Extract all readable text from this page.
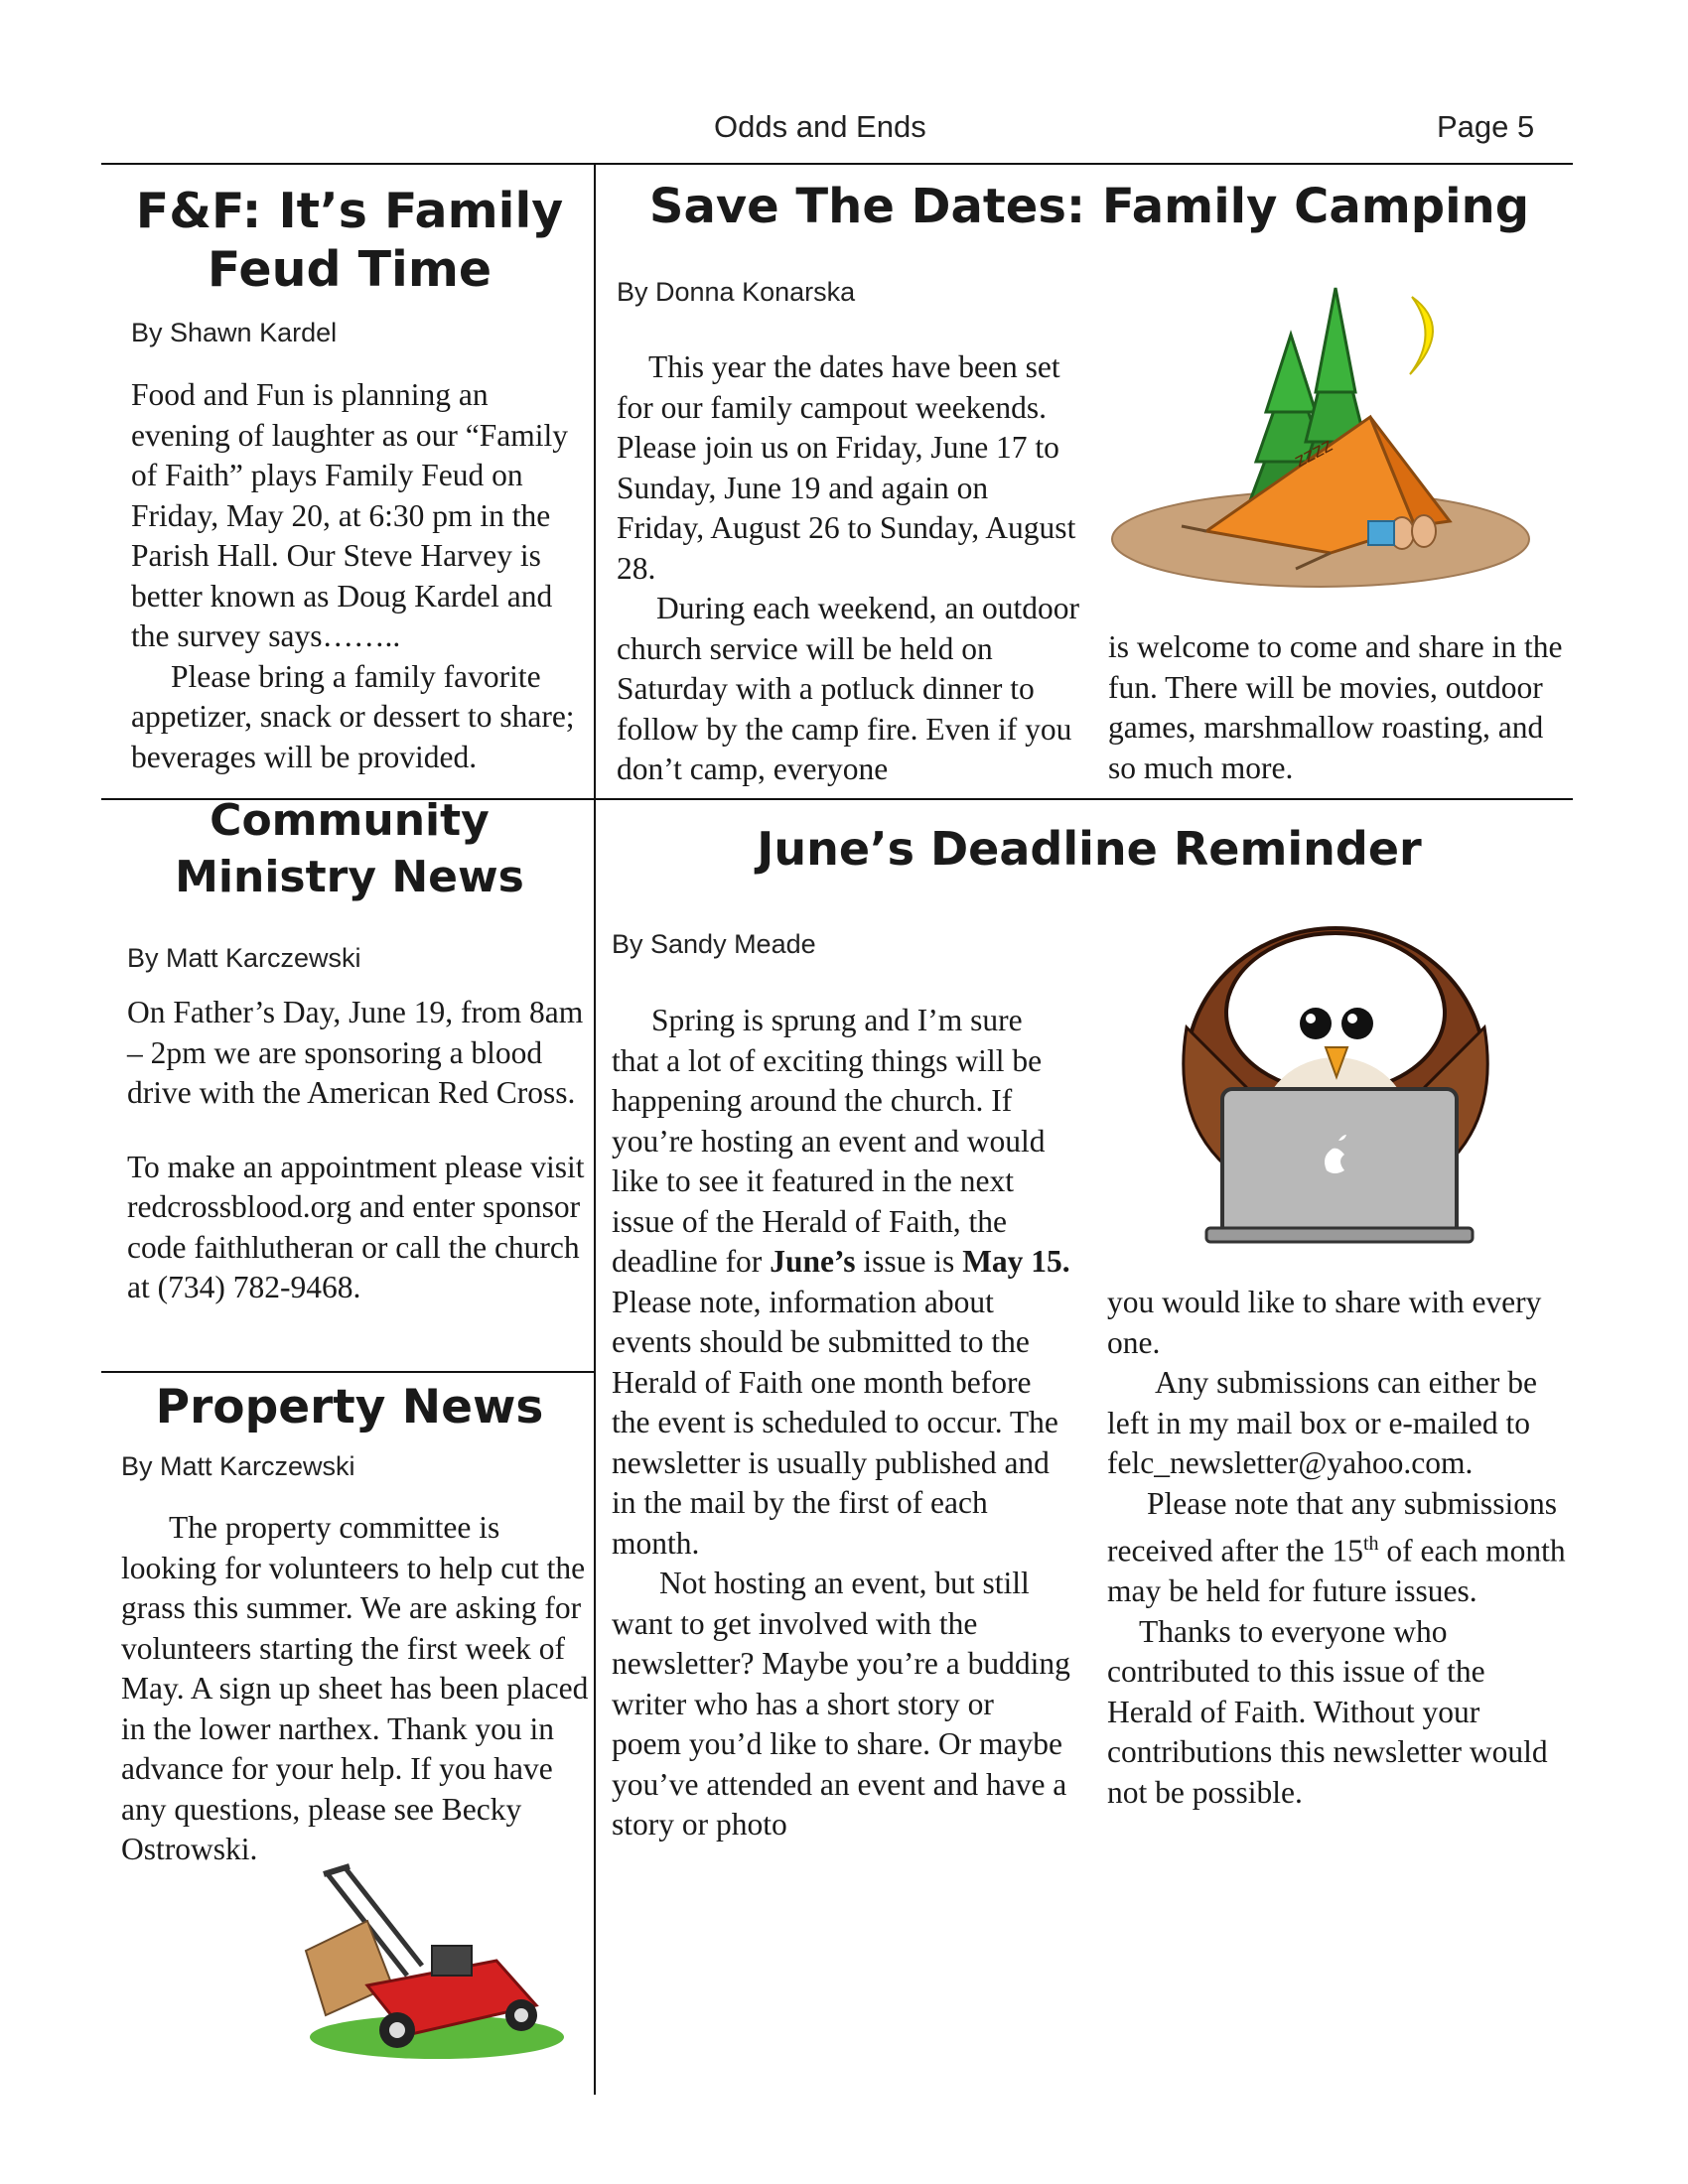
Odds and Ends	Page 5
F&F: It’s Family Feud Time
By Shawn Kardel

Food and Fun is planning an evening of laughter as our “Family of Faith” plays Family Feud on Friday, May 20, at 6:30 pm in the Parish Hall. Our Steve Harvey is better known as Doug Kardel and the survey says……..

Please bring a family favorite appetizer, snack or dessert to share; beverages will be provided.

Save The Dates: Family Camping
By Donna Konarska

This year the dates have been set for our family campout weekends. Please join us on Friday, June 17 to Sunday, June 19 and again on Friday, August 26 to Sunday, August 28.

During each weekend, an outdoor church service will be held on Saturday with a potluck dinner to follow by the camp fire. Even if you don’t camp, everyone

is welcome to come and share in the fun. There will be movies, outdoor games, marshmallow roasting, and so much more.

zzzz
Community Ministry News
By Matt Karczewski

On Father’s Day, June 19, from 8am – 2pm we are sponsoring a blood drive with the American Red Cross.

To make an appointment please visit redcrossblood.org and enter sponsor code faithlutheran or call the church at (734) 782-9468.

Property News
By Matt Karczewski

The property committee is looking for volunteers to help cut the grass this summer. We are asking for volunteers starting the first week of May. A sign up sheet has been placed in the lower narthex. Thank you in advance for your help. If you have any questions, please see Becky Ostrowski.

June’s Deadline Reminder
By Sandy Meade

Spring is sprung and I’m sure that a lot of exciting things will be happening around the church. If you’re hosting an event and would like to see it featured in the next issue of the Herald of Faith, the deadline for June’s issue is May 15. Please note, information about events should be submitted to the Herald of Faith one month before the event is scheduled to occur. The newsletter is usually published and in the mail by the first of each month.

Not hosting an event, but still want to get involved with the newsletter? Maybe you’re a budding writer who has a short story or poem you’d like to share. Or maybe you’ve attended an event and have a story or photo

you would like to share with every one.

Any submissions can either be left in my mail box or e-mailed to felc_newsletter@yahoo.com.

Please note that any submissions received after the 15th of each month may be held for future issues.

Thanks to everyone who contributed to this issue of the Herald of Faith. Without your contributions this newsletter would not be possible.
